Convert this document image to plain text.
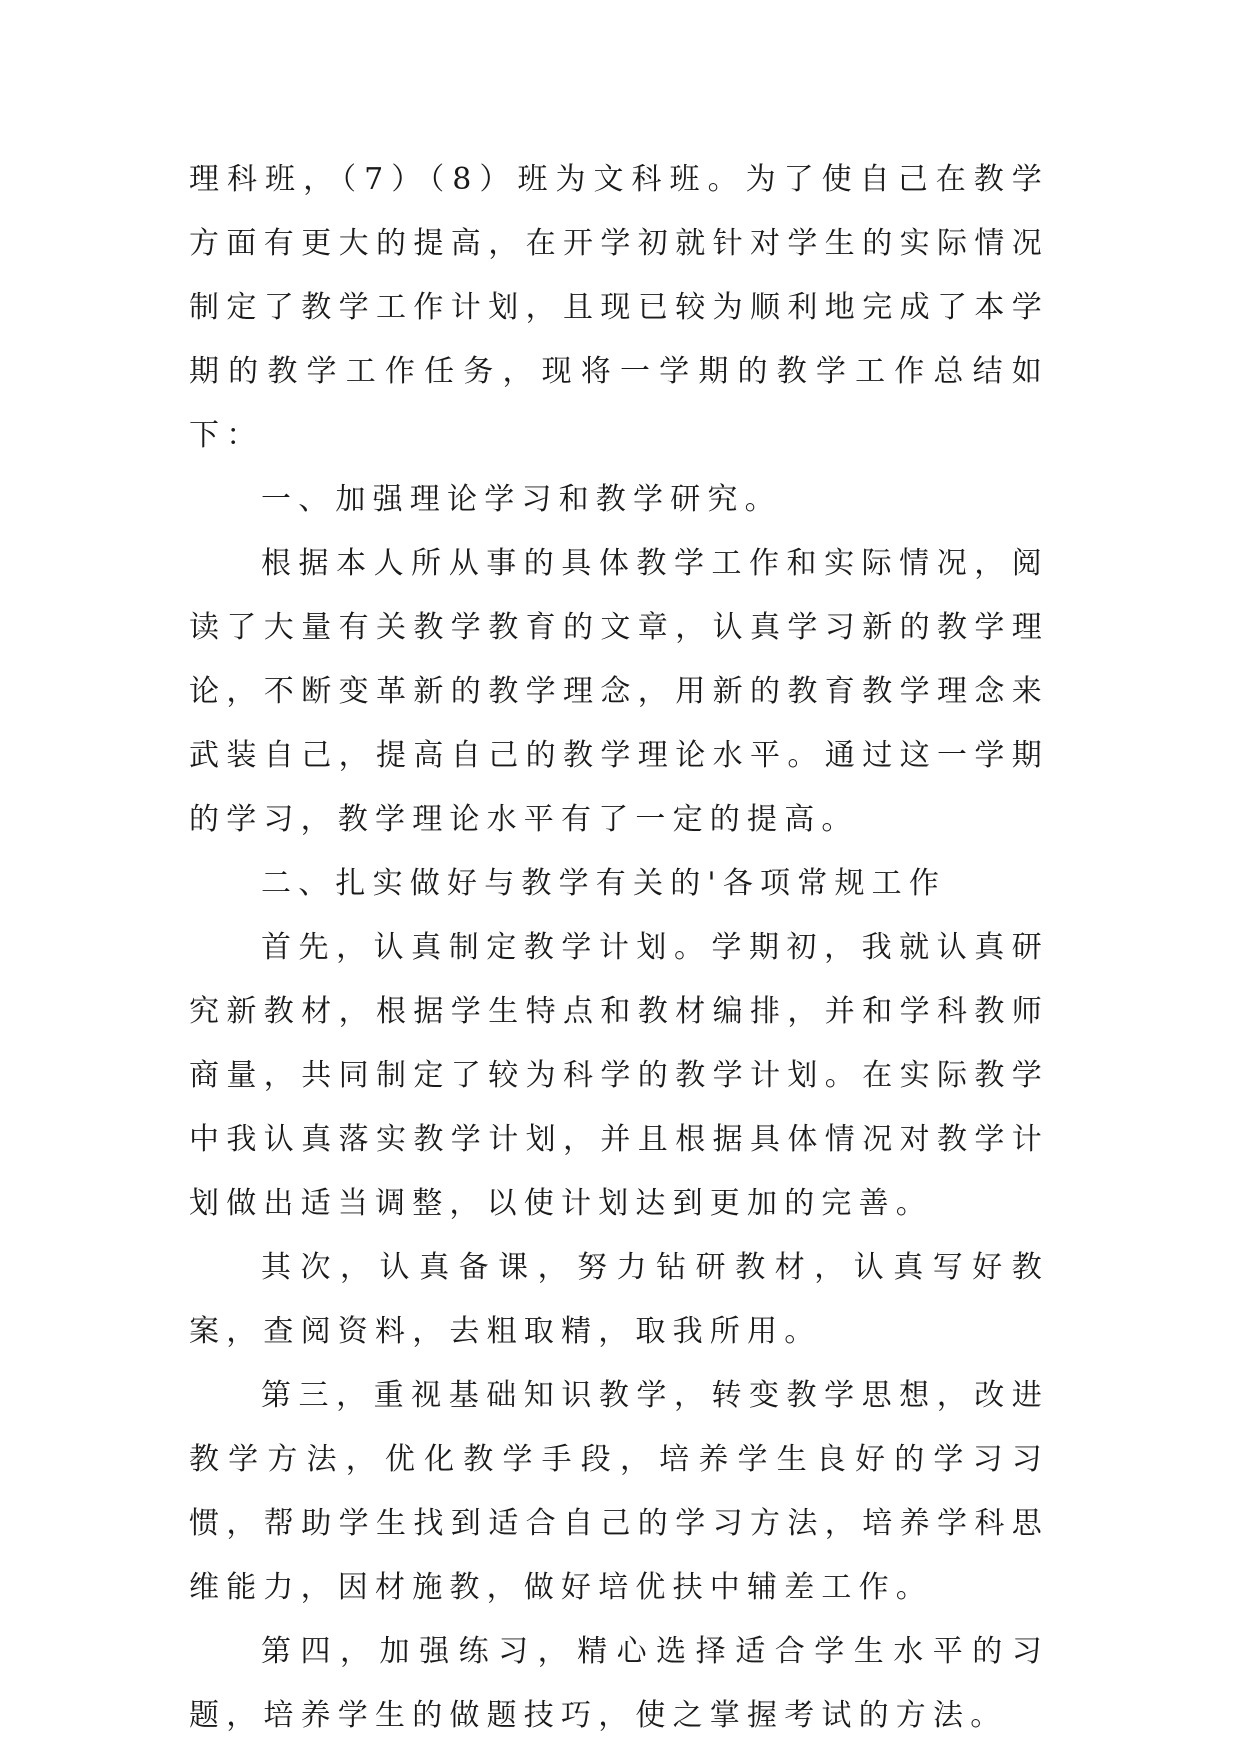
理科班，（7）（8）班为文科班。为了使自己在教学方面有更大的提高，在开学初就针对学生的实际情况制定了教学工作计划，且现已较为顺利地完成了本学期的教学工作任务，现将一学期的教学工作总结如下：

一、加强理论学习和教学研究。

根据本人所从事的具体教学工作和实际情况，阅读了大量有关教学教育的文章，认真学习新的教学理论，不断变革新的教学理念，用新的教育教学理念来武装自己，提高自己的教学理论水平。通过这一学期的学习，教学理论水平有了一定的提高。

二、扎实做好与教学有关的'各项常规工作

首先，认真制定教学计划。学期初，我就认真研究新教材，根据学生特点和教材编排，并和学科教师商量，共同制定了较为科学的教学计划。在实际教学中我认真落实教学计划，并且根据具体情况对教学计划做出适当调整，以使计划达到更加的完善。

其次，认真备课，努力钻研教材，认真写好教案，查阅资料，去粗取精，取我所用。

第三，重视基础知识教学，转变教学思想，改进教学方法，优化教学手段，培养学生良好的学习习惯，帮助学生找到适合自己的学习方法，培养学科思维能力，因材施教，做好培优扶中辅差工作。

第四，加强练习，精心选择适合学生水平的习题，培养学生的做题技巧，使之掌握考试的方法。
